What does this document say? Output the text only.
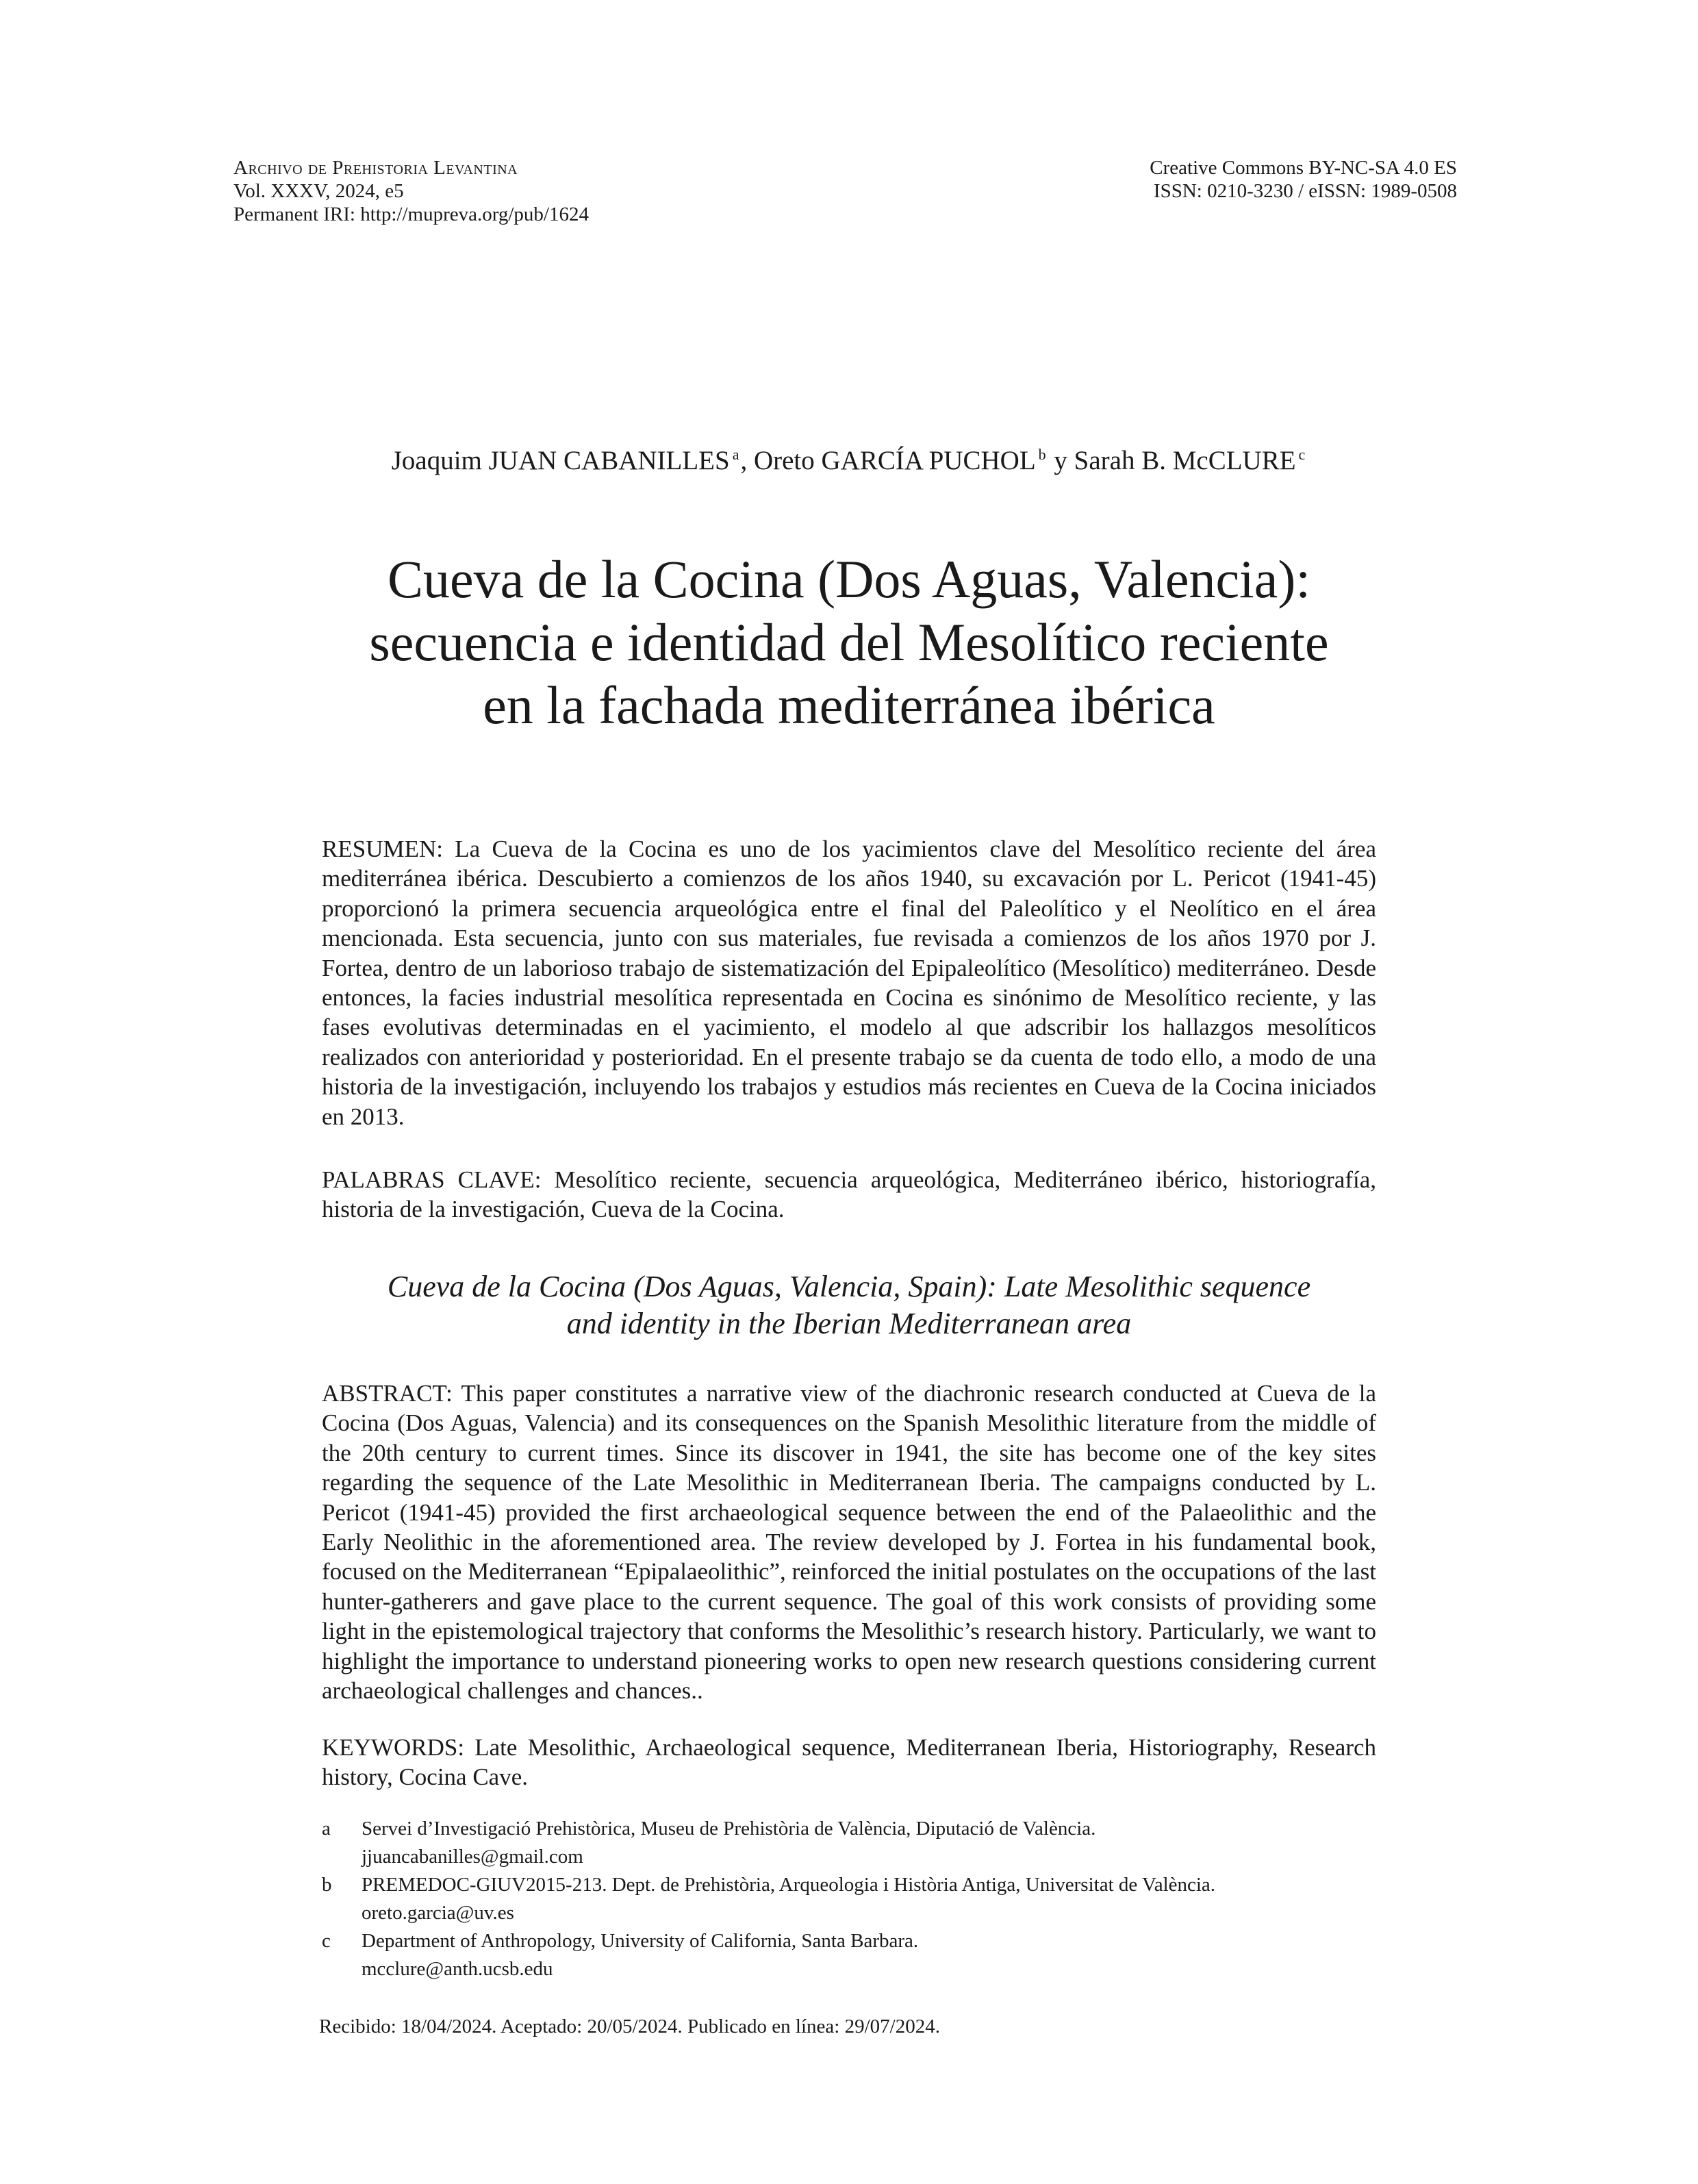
Archivo de Prehistoria Levantina
Vol. XXXV, 2024, e5
Permanent IRI: http://mupreva.org/pub/1624
Creative Commons BY-NC-SA 4.0 ES
ISSN: 0210-3230 / eISSN: 1989-0508
Joaquim JUAN CABANILLES $^a$, Oreto GARCÍA PUCHOL $^b$ y Sarah B. McCLURE $^c$
Cueva de la Cocina (Dos Aguas, Valencia):
secuencia e identidad del Mesolítico reciente
en la fachada mediterránea ibérica
RESUMEN: La Cueva de la Cocina es uno de los yacimientos clave del Mesolítico reciente del área mediterránea ibérica. Descubierto a comienzos de los años 1940, su excavación por L. Pericot (1941-45) proporcionó la primera secuencia arqueológica entre el final del Paleolítico y el Neolítico en el área mencionada. Esta secuencia, junto con sus materiales, fue revisada a comienzos de los años 1970 por J. Fortea, dentro de un laborioso trabajo de sistematización del Epipaleolítico (Mesolítico) mediterráneo. Desde entonces, la facies industrial mesolítica representada en Cocina es sinónimo de Mesolítico reciente, y las fases evolutivas determinadas en el yacimiento, el modelo al que adscribir los hallazgos mesolíticos realizados con anterioridad y posterioridad. En el presente trabajo se da cuenta de todo ello, a modo de una historia de la investigación, incluyendo los trabajos y estudios más recientes en Cueva de la Cocina iniciados en 2013.
PALABRAS CLAVE: Mesolítico reciente, secuencia arqueológica, Mediterráneo ibérico, historiografía, historia de la investigación, Cueva de la Cocina.
Cueva de la Cocina (Dos Aguas, Valencia, Spain): Late Mesolithic sequence
and identity in the Iberian Mediterranean area
ABSTRACT: This paper constitutes a narrative view of the diachronic research conducted at Cueva de la Cocina (Dos Aguas, Valencia) and its consequences on the Spanish Mesolithic literature from the middle of the 20th century to current times. Since its discover in 1941, the site has become one of the key sites regarding the sequence of the Late Mesolithic in Mediterranean Iberia. The campaigns conducted by L. Pericot (1941-45) provided the first archaeological sequence between the end of the Palaeolithic and the Early Neolithic in the aforementioned area. The review developed by J. Fortea in his fundamental book, focused on the Mediterranean “Epipalaeolithic”, reinforced the initial postulates on the occupations of the last hunter-gatherers and gave place to the current sequence. The goal of this work consists of providing some light in the epistemological trajectory that conforms the Mesolithic’s research history. Particularly, we want to highlight the importance to understand pioneering works to open new research questions considering current archaeological challenges and chances..
KEYWORDS: Late Mesolithic, Archaeological sequence, Mediterranean Iberia, Historiography, Research history, Cocina Cave.
a	Servei d’Investigació Prehistòrica, Museu de Prehistòria de València, Diputació de València.
jjuancabanilles@gmail.com
b	PREMEDOC-GIUV2015-213. Dept. de Prehistòria, Arqueologia i Història Antiga, Universitat de València.
oreto.garcia@uv.es
c	Department of Anthropology, University of California, Santa Barbara.
mcclure@anth.ucsb.edu
Recibido: 18/04/2024. Aceptado: 20/05/2024. Publicado en línea: 29/07/2024.
